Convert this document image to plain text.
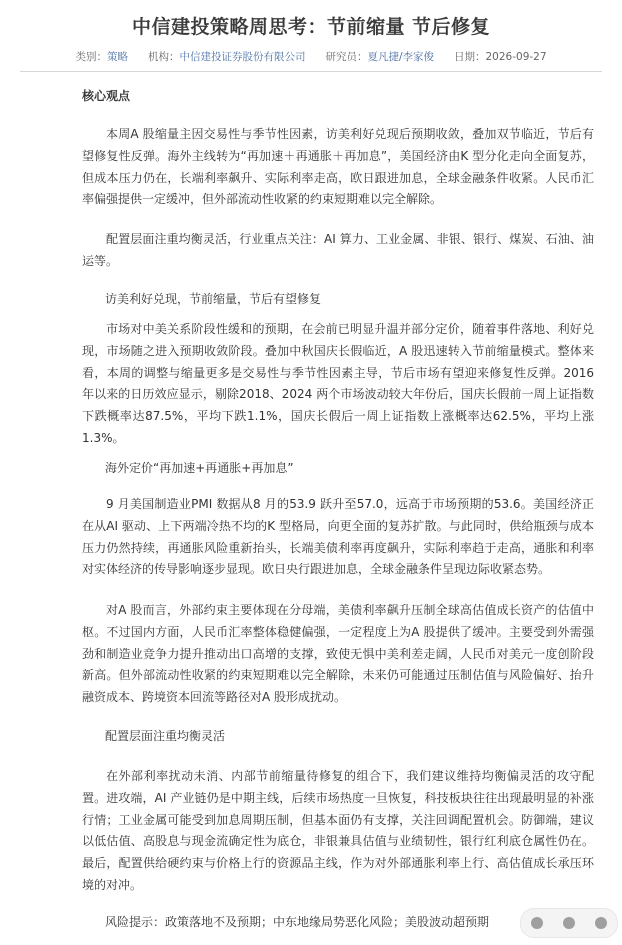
中信建投策略周思考：节前缩量 节后修复
类别：策略 机构：中信建投证券股份有限公司 研究员：夏凡捷/李家俊 日期：2026-09-27
核心观点

本周A 股缩量主因交易性与季节性因素，访美利好兑现后预期收敛，叠加双节临近，节后有望修复性反弹。海外主线转为“再加速＋再通胀＋再加息”，美国经济由K 型分化走向全面复苏，但成本压力仍在，长端利率飙升、实际利率走高，欧日跟进加息，全球金融条件收紧。人民币汇率偏强提供一定缓冲，但外部流动性收紧的约束短期难以完全解除。

配置层面注重均衡灵活，行业重点关注：AI 算力、工业金属、非银、银行、煤炭、石油、油运等。

访美利好兑现，节前缩量，节后有望修复

市场对中美关系阶段性缓和的预期，在会前已明显升温并部分定价，随着事件落地、利好兑现，市场随之进入预期收敛阶段。叠加中秋国庆长假临近，A 股迅速转入节前缩量模式。整体来看，本周的调整与缩量更多是交易性与季节性因素主导，节后市场有望迎来修复性反弹。2016 年以来的日历效应显示，剔除2018、2024 两个市场波动较大年份后，国庆长假前一周上证指数下跌概率达87.5%，平均下跌1.1%，国庆长假后一周上证指数上涨概率达62.5%，平均上涨1.3%。

海外定价“再加速+再通胀+再加息”

9 月美国制造业PMI 数据从8 月的53.9 跃升至57.0，远高于市场预期的53.6。美国经济正在从AI 驱动、上下两端冷热不均的K 型格局，向更全面的复苏扩散。与此同时，供给瓶颈与成本压力仍然持续，再通胀风险重新抬头，长端美债利率再度飙升，实际利率趋于走高，通胀和利率对实体经济的传导影响逐步显现。欧日央行跟进加息，全球金融条件呈现边际收紧态势。

对A 股而言，外部约束主要体现在分母端，美债利率飙升压制全球高估值成长资产的估值中枢。不过国内方面，人民币汇率整体稳健偏强，一定程度上为A 股提供了缓冲。主要受到外需强劲和制造业竞争力提升推动出口高增的支撑，致使无惧中美利差走阔，人民币对美元一度创阶段新高。但外部流动性收紧的约束短期难以完全解除，未来仍可能通过压制估值与风险偏好、抬升融资成本、跨境资本回流等路径对A 股形成扰动。

配置层面注重均衡灵活

在外部利率扰动未消、内部节前缩量待修复的组合下，我们建议维持均衡偏灵活的攻守配置。进攻端，AI 产业链仍是中期主线，后续市场热度一旦恢复，科技板块往往出现最明显的补涨行情；工业金属可能受到加息周期压制，但基本面仍有支撑，关注回调配置机会。防御端，建议以低估值、高股息与现金流确定性为底仓，非银兼具估值与业绩韧性，银行红利底仓属性仍在。最后，配置供给硬约束与价格上行的资源品主线，作为对外部通胀利率上行、高估值成长承压环境的对冲。

风险提示：政策落地不及预期；中东地缘局势恶化风险；美股波动超预期
